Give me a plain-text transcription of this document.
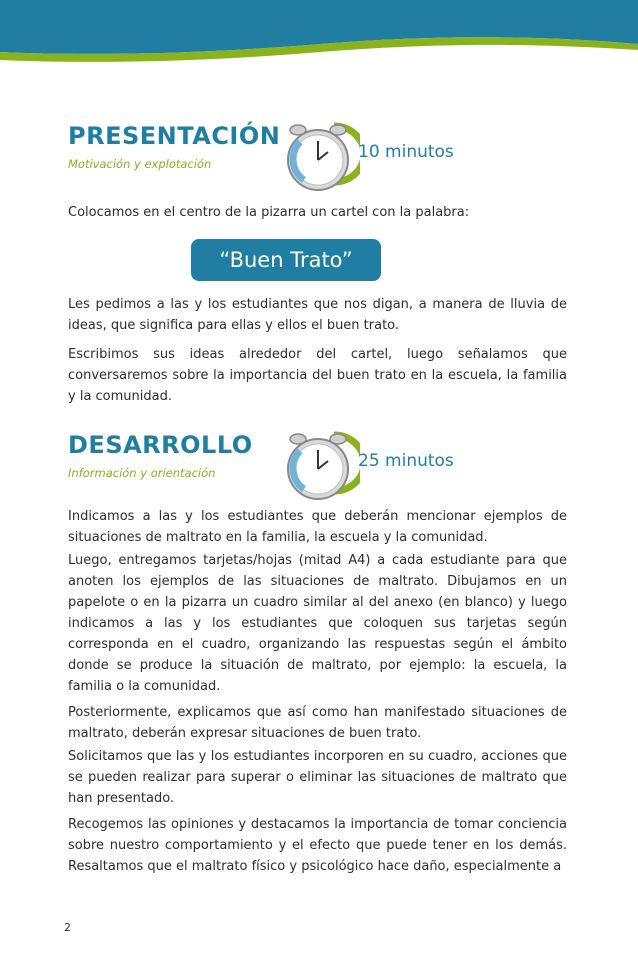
PRESENTACIÓN
Motivación y explotación
10 minutos

Colocamos en el centro de la pizarra un cartel con la palabra:

“Buen Trato”

Les pedimos a las y los estudiantes que nos digan, a manera de lluvia de ideas, que significa para ellas y ellos el buen trato.

Escribimos sus ideas alrededor del cartel, luego señalamos que conversaremos sobre la importancia del buen trato en la escuela, la familia y la comunidad.

DESARROLLO
Información y orientación
25 minutos

Indicamos a las y los estudiantes que deberán mencionar ejemplos de situaciones de maltrato en la familia, la escuela y la comunidad.

Luego, entregamos tarjetas/hojas (mitad A4) a cada estudiante para que anoten los ejemplos de las situaciones de maltrato. Dibujamos en un papelote o en la pizarra un cuadro similar al del anexo (en blanco) y luego indicamos a las y los estudiantes que coloquen sus tarjetas según corresponda en el cuadro, organizando las respuestas según el ámbito donde se produce la situación de maltrato, por ejemplo: la escuela, la familia o la comunidad.

Posteriormente, explicamos que así como han manifestado situaciones de maltrato, deberán expresar situaciones de buen trato.

Solicitamos que las y los estudiantes incorporen en su cuadro, acciones que se pueden realizar para superar o eliminar las situaciones de maltrato que han presentado.

Recogemos las opiniones y destacamos la importancia de tomar conciencia sobre nuestro comportamiento y el efecto que puede tener en los demás. Resaltamos que el maltrato físico y psicológico hace daño, especialmente a

2
